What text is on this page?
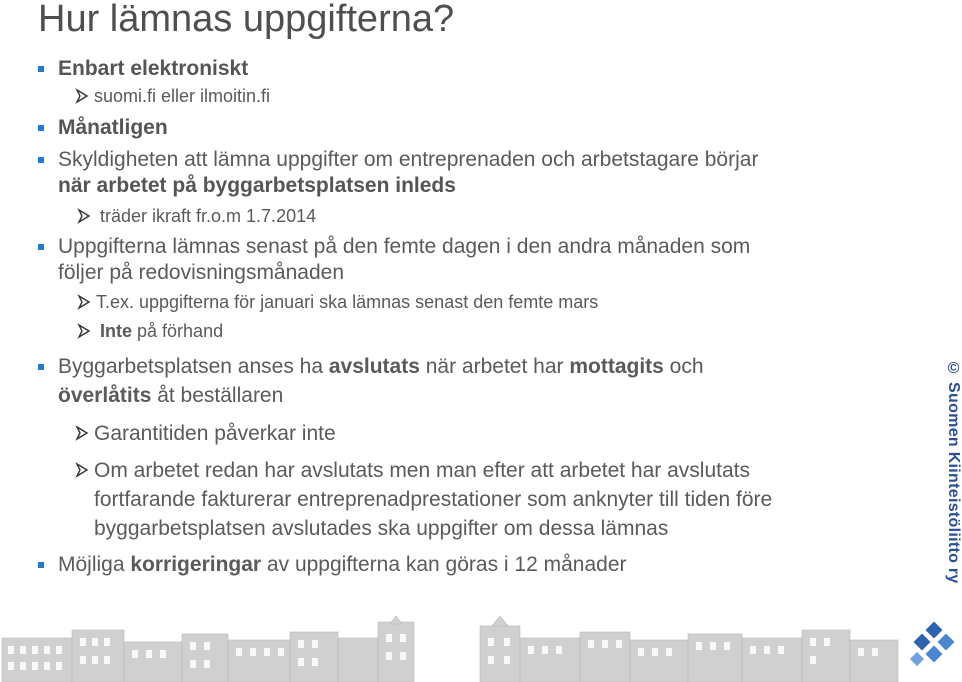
Hur lämnas uppgifterna?
Enbart elektroniskt
suomi.fi eller ilmoitin.fi
Månatligen
Skyldigheten att lämna uppgifter om entreprenaden och arbetstagare börjar
när arbetet på byggarbetsplatsen inleds
träder ikraft fr.o.m 1.7.2014
Uppgifterna lämnas senast på den femte dagen i den andra månaden som
följer på redovisningsmånaden
T.ex. uppgifterna för januari ska lämnas senast den femte mars
Inte på förhand
Byggarbetsplatsen anses ha avslutats när arbetet har mottagits och
överlåtits åt beställaren
Garantitiden påverkar inte
Om arbetet redan har avslutats men man efter att arbetet har avslutats
fortfarande fakturerar entreprenadprestationer som anknyter till tiden före
byggarbetsplatsen avslutades ska uppgifter om dessa lämnas
Möjliga korrigeringar av uppgifterna kan göras i 12 månader	© Suomen Kiinteistöliitto ry
